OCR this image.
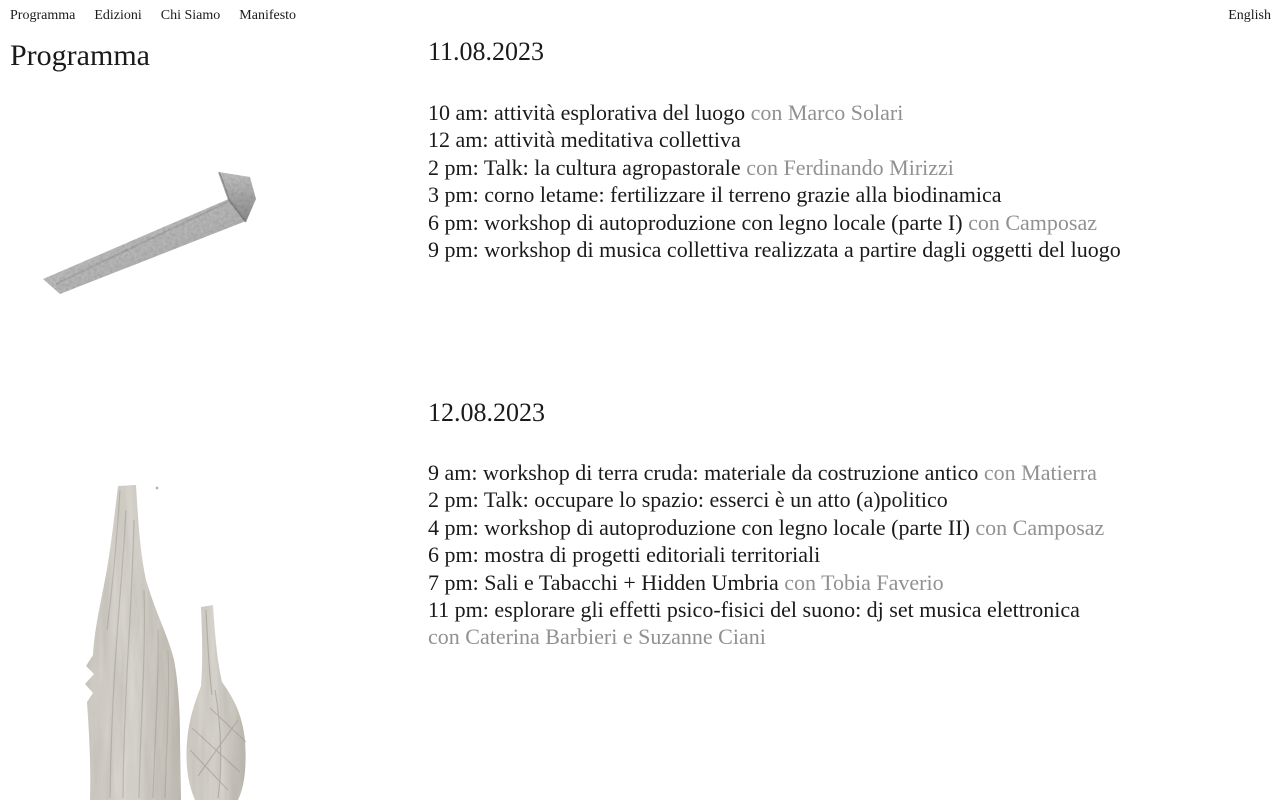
Programma Edizioni Chi Siamo Manifesto	English
Programma	11.08.2023
10 am: attività esplorativa del luogo con Marco Solari
12 am: attività meditativa collettiva
2 pm: Talk: la cultura agropastorale con Ferdinando Mirizzi
3 pm: corno letame: fertilizzare il terreno grazie alla biodinamica
6 pm: workshop di autoproduzione con legno locale (parte I) con Camposaz
9 pm: workshop di musica collettiva realizzata a partire dagli oggetti del luogo
12.08.2023
9 am: workshop di terra cruda: materiale da costruzione antico con Matierra
2 pm: Talk: occupare lo spazio: esserci è un atto (a)politico
4 pm: workshop di autoproduzione con legno locale (parte II) con Camposaz
6 pm: mostra di progetti editoriali territoriali
7 pm: Sali e Tabacchi + Hidden Umbria con Tobia Faverio
11 pm: esplorare gli effetti psico-fisici del suono: dj set musica elettronica
con Caterina Barbieri e Suzanne Ciani
